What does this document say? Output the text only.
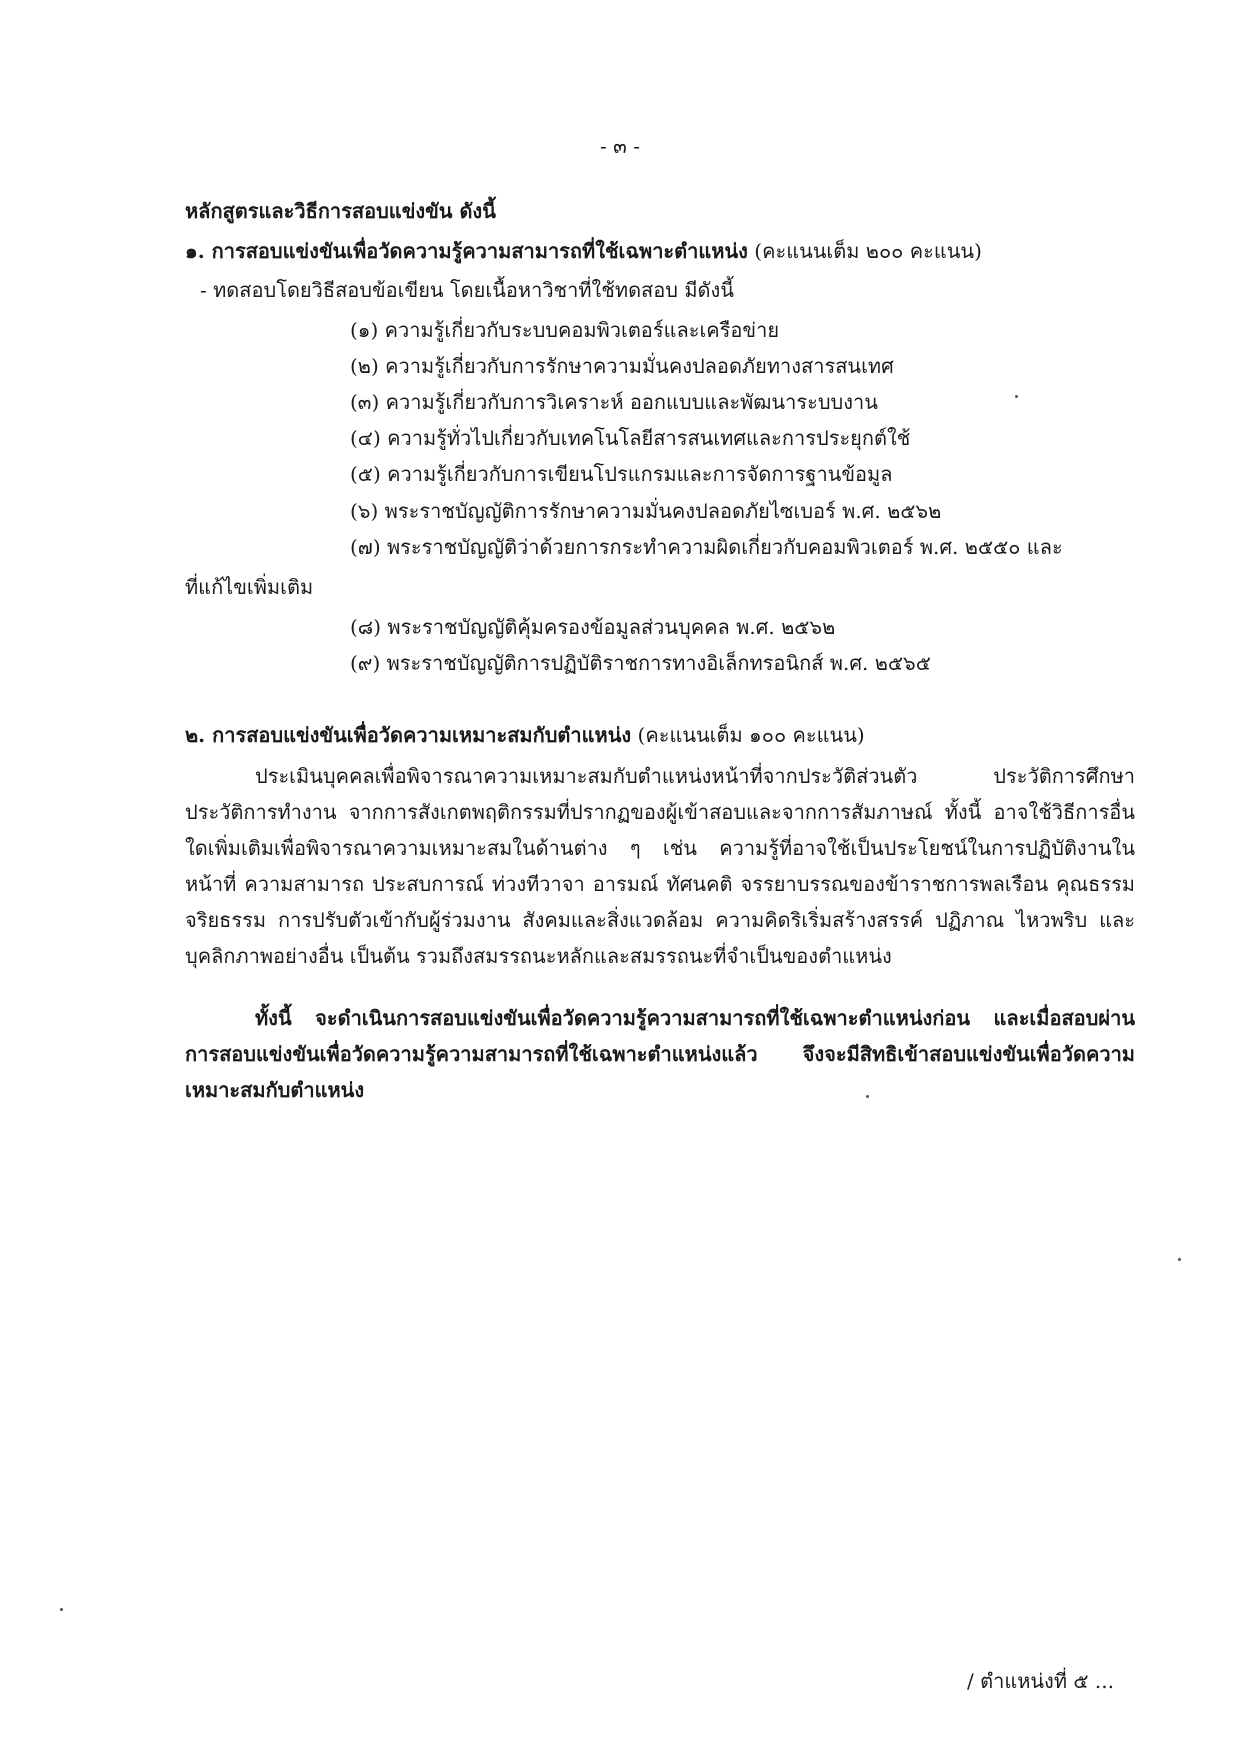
- ๓ -
หลักสูตรและวิธีการสอบแข่งขัน ดังนี้
๑. การสอบแข่งขันเพื่อวัดความรู้ความสามารถที่ใช้เฉพาะตำแหน่ง (คะแนนเต็ม ๒๐๐ คะแนน)
- ทดสอบโดยวิธีสอบข้อเขียน โดยเนื้อหาวิชาที่ใช้ทดสอบ มีดังนี้
(๑) ความรู้เกี่ยวกับระบบคอมพิวเตอร์และเครือข่าย
(๒) ความรู้เกี่ยวกับการรักษาความมั่นคงปลอดภัยทางสารสนเทศ
(๓) ความรู้เกี่ยวกับการวิเคราะห์ ออกแบบและพัฒนาระบบงาน
(๔) ความรู้ทั่วไปเกี่ยวกับเทคโนโลยีสารสนเทศและการประยุกต์ใช้
(๕) ความรู้เกี่ยวกับการเขียนโปรแกรมและการจัดการฐานข้อมูล
(๖) พระราชบัญญัติการรักษาความมั่นคงปลอดภัยไซเบอร์ พ.ศ. ๒๕๖๒
(๗) พระราชบัญญัติว่าด้วยการกระทำความผิดเกี่ยวกับคอมพิวเตอร์ พ.ศ. ๒๕๕๐ และ
ที่แก้ไขเพิ่มเติม
(๘) พระราชบัญญัติคุ้มครองข้อมูลส่วนบุคคล พ.ศ. ๒๕๖๒
(๙) พระราชบัญญัติการปฏิบัติราชการทางอิเล็กทรอนิกส์ พ.ศ. ๒๕๖๕
๒. การสอบแข่งขันเพื่อวัดความเหมาะสมกับตำแหน่ง (คะแนนเต็ม ๑๐๐ คะแนน)
ประเมินบุคคลเพื่อพิจารณาความเหมาะสมกับตำแหน่งหน้าที่จากประวัติส่วนตัว ประวัติการศึกษา ประวัติการทำงาน จากการสังเกตพฤติกรรมที่ปรากฏของผู้เข้าสอบและจากการสัมภาษณ์ ทั้งนี้ อาจใช้วิธีการอื่นใดเพิ่มเติมเพื่อพิจารณาความเหมาะสมในด้านต่าง ๆ เช่น ความรู้ที่อาจใช้เป็นประโยชน์ในการปฏิบัติงานในหน้าที่ ความสามารถ ประสบการณ์ ท่วงทีวาจา อารมณ์ ทัศนคติ จรรยาบรรณของข้าราชการพลเรือน คุณธรรม จริยธรรม การปรับตัวเข้ากับผู้ร่วมงาน สังคมและสิ่งแวดล้อม ความคิดริเริ่มสร้างสรรค์ ปฏิภาณ ไหวพริบ และบุคลิกภาพอย่างอื่น เป็นต้น รวมถึงสมรรถนะหลักและสมรรถนะที่จำเป็นของตำแหน่ง
ทั้งนี้ จะดำเนินการสอบแข่งขันเพื่อวัดความรู้ความสามารถที่ใช้เฉพาะตำแหน่งก่อน และเมื่อสอบผ่านการสอบแข่งขันเพื่อวัดความรู้ความสามารถที่ใช้เฉพาะตำแหน่งแล้ว จึงจะมีสิทธิเข้าสอบแข่งขันเพื่อวัดความเหมาะสมกับตำแหน่ง
/ ตำแหน่งที่ ๕ ...
